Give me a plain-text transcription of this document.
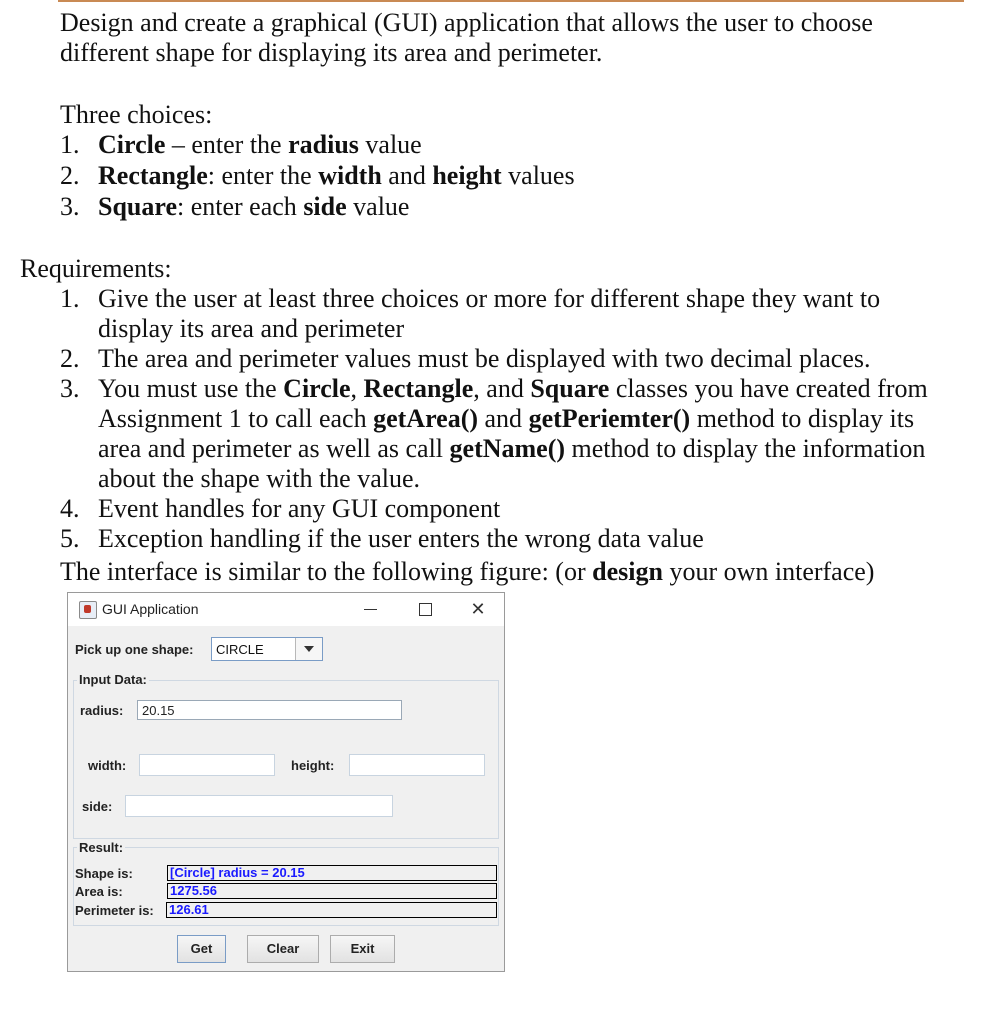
Design and create a graphical (GUI) application that allows the user to choose
different shape for displaying its area and perimeter.
Three choices:
1. Circle – enter the radius value
2. Rectangle: enter the width and height values
3. Square: enter each side value
Requirements:
1. Give the user at least three choices or more for different shape they want to display its area and perimeter
2. The area and perimeter values must be displayed with two decimal places.
3. You must use the Circle, Rectangle, and Square classes you have created from Assignment 1 to call each getArea() and getPeriemter() method to display its area and perimeter as well as call getName() method to display the information about the shape with the value.
4. Event handles for any GUI component
5. Exception handling if the user enters the wrong data value
The interface is similar to the following figure: (or design your own interface)
GUI Application	✕
Pick up one shape: CIRCLE
Input Data:
radius:	20.15
width:	height:
side:
Result:
Shape is:	[Circle] radius = 20.15
Area is:	1275.56
Perimeter is: 126.61
Get	Clear	Exit
